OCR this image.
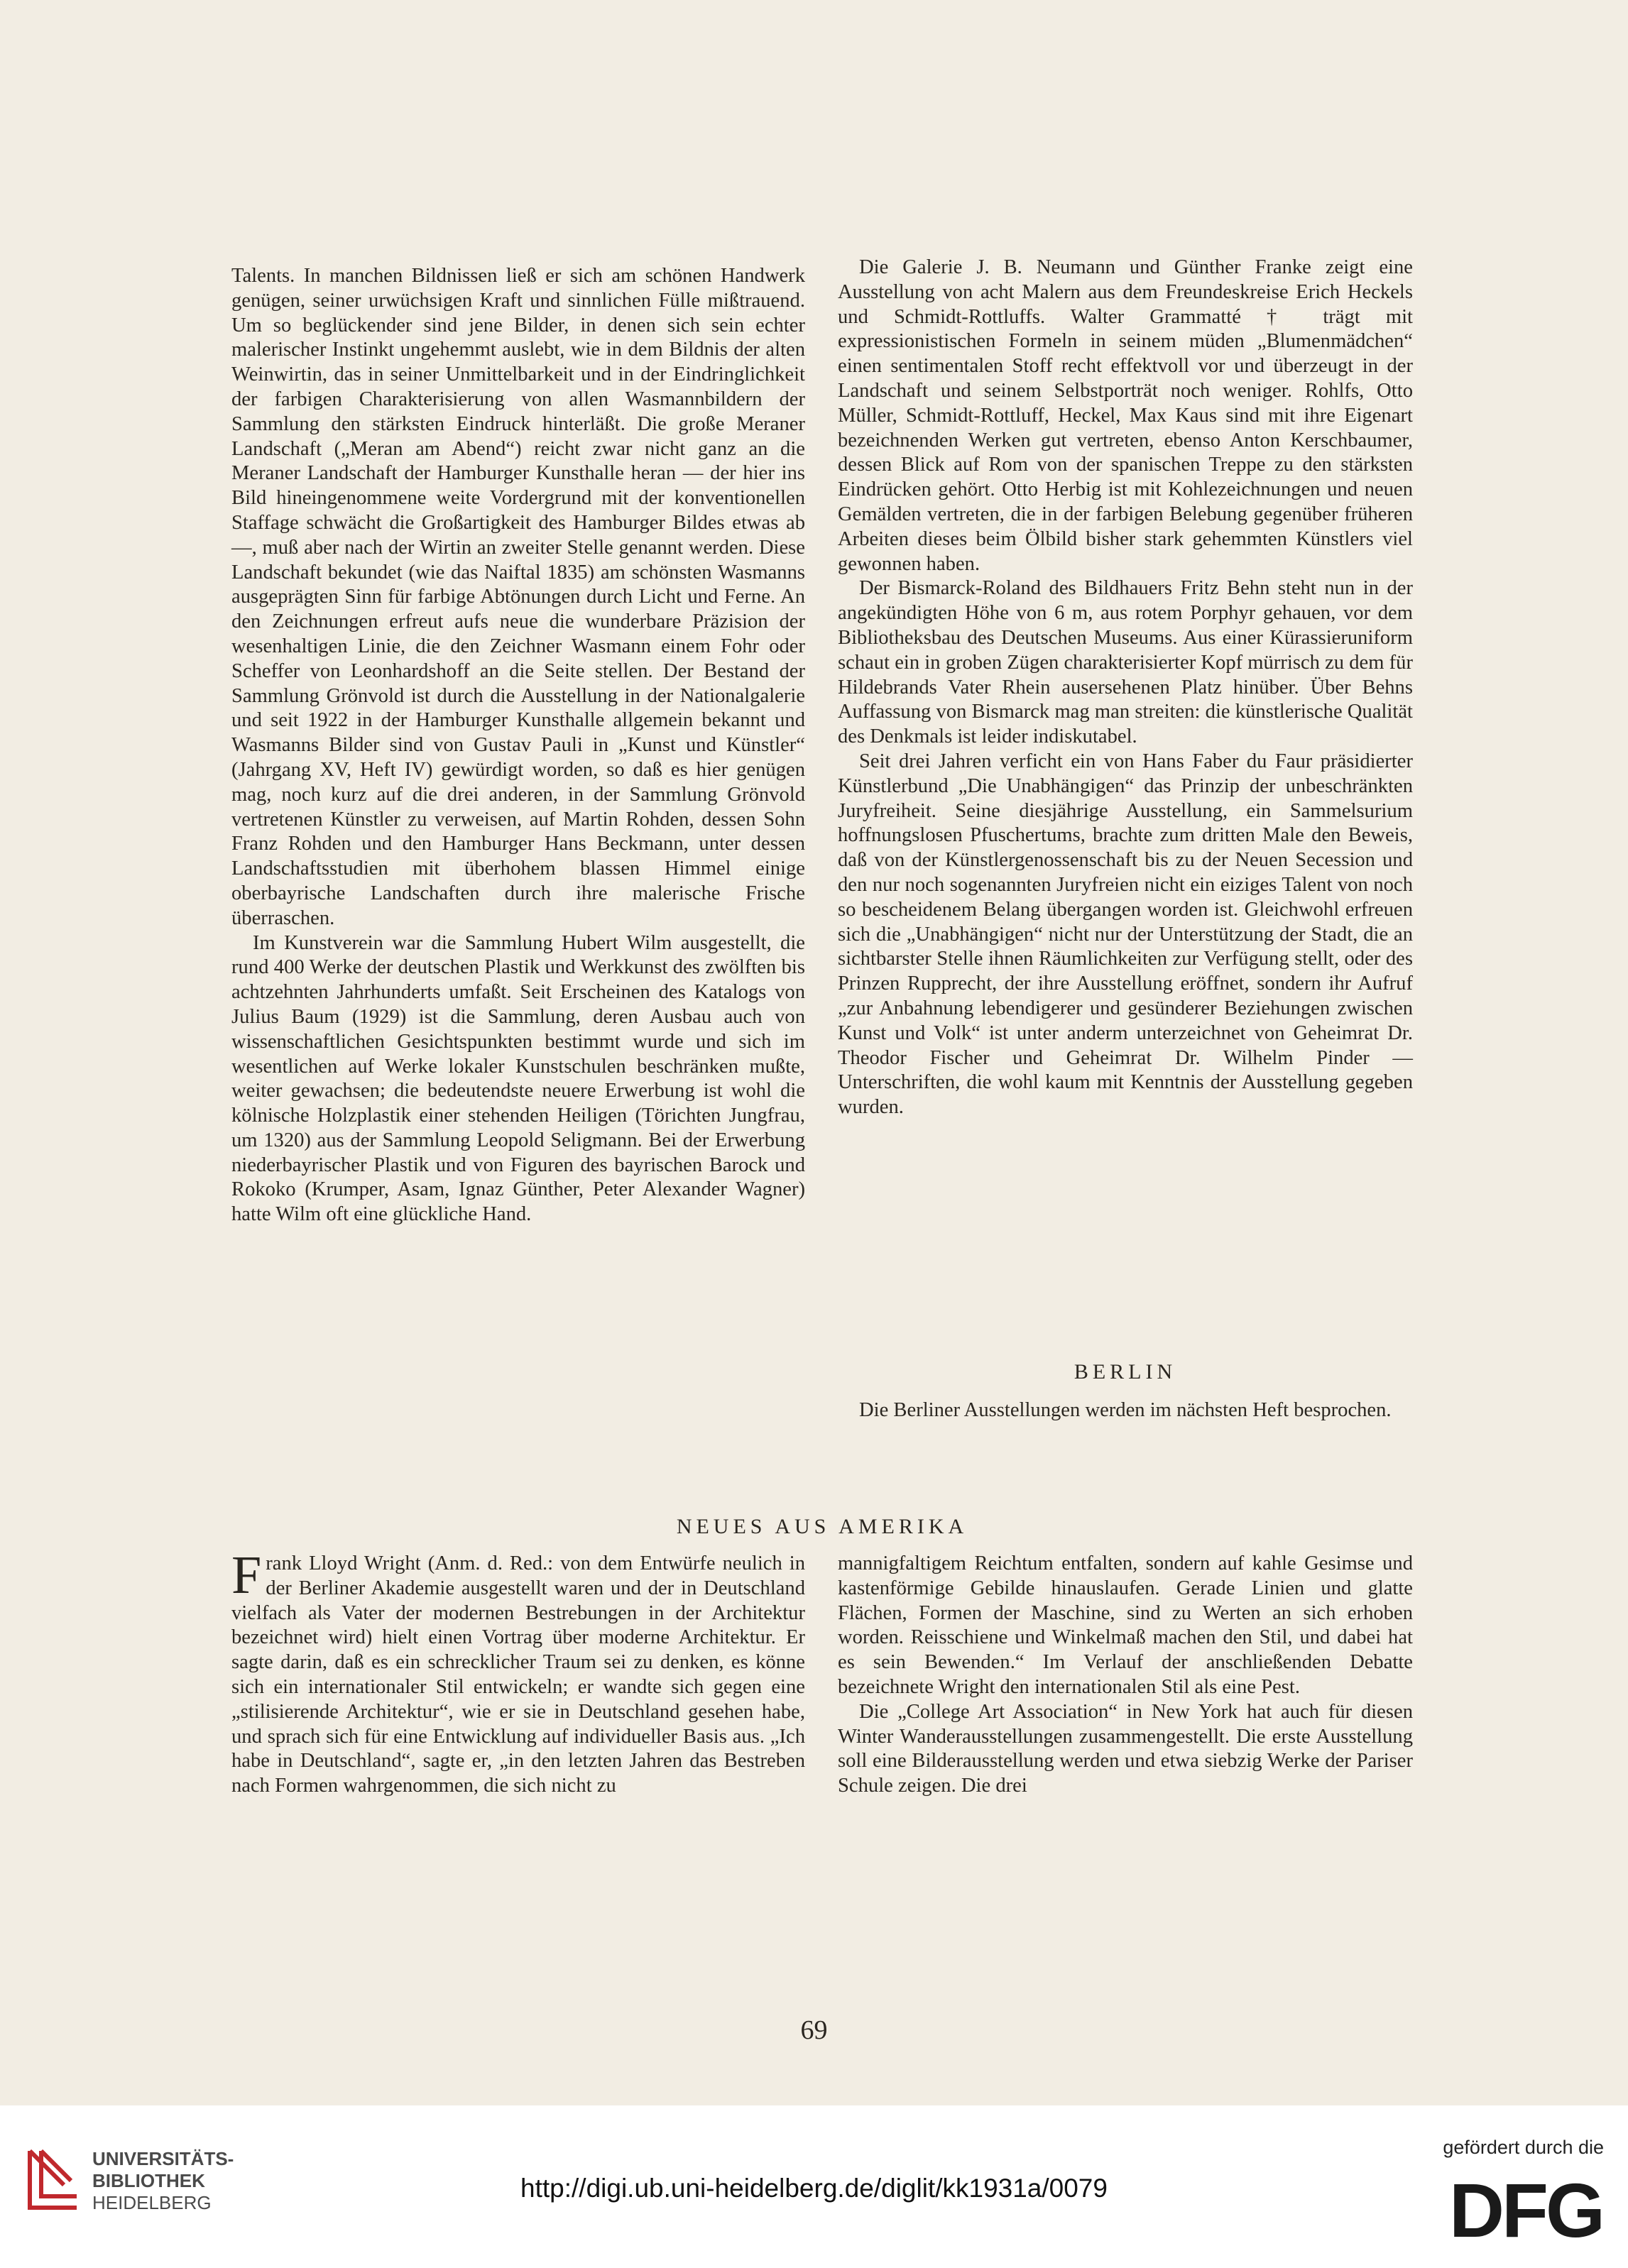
Talents. In manchen Bildnissen ließ er sich am schönen Handwerk genügen, seiner urwüchsigen Kraft und sinnlichen Fülle mißtrauend. Um so beglückender sind jene Bilder, in denen sich sein echter malerischer Instinkt ungehemmt auslebt, wie in dem Bildnis der alten Weinwirtin, das in seiner Unmittelbarkeit und in der Eindringlichkeit der farbigen Charakterisierung von allen Wasmannbildern der Sammlung den stärksten Eindruck hinterläßt. Die große Meraner Landschaft („Meran am Abend“) reicht zwar nicht ganz an die Meraner Landschaft der Hamburger Kunsthalle heran — der hier ins Bild hineingenommene weite Vordergrund mit der konventionellen Staffage schwächt die Großartigkeit des Hamburger Bildes etwas ab —, muß aber nach der Wirtin an zweiter Stelle genannt werden. Diese Landschaft bekundet (wie das Naiftal 1835) am schönsten Wasmanns ausgeprägten Sinn für farbige Abtönungen durch Licht und Ferne. An den Zeichnungen erfreut aufs neue die wunderbare Präzision der wesenhaltigen Linie, die den Zeichner Wasmann einem Fohr oder Scheffer von Leonhardshoff an die Seite stellen. Der Bestand der Sammlung Grönvold ist durch die Ausstellung in der Nationalgalerie und seit 1922 in der Hamburger Kunsthalle allgemein bekannt und Wasmanns Bilder sind von Gustav Pauli in „Kunst und Künstler“ (Jahrgang XV, Heft IV) gewürdigt worden, so daß es hier genügen mag, noch kurz auf die drei anderen, in der Sammlung Grönvold vertretenen Künstler zu verweisen, auf Martin Rohden, dessen Sohn Franz Rohden und den Hamburger Hans Beckmann, unter dessen Landschaftsstudien mit überhohem blassen Himmel einige oberbayrische Landschaften durch ihre malerische Frische überraschen.

Im Kunstverein war die Sammlung Hubert Wilm ausgestellt, die rund 400 Werke der deutschen Plastik und Werkkunst des zwölften bis achtzehnten Jahrhunderts umfaßt. Seit Erscheinen des Katalogs von Julius Baum (1929) ist die Sammlung, deren Ausbau auch von wissenschaftlichen Gesichtspunkten bestimmt wurde und sich im wesentlichen auf Werke lokaler Kunstschulen beschränken mußte, weiter gewachsen; die bedeutendste neuere Erwerbung ist wohl die kölnische Holzplastik einer stehenden Heiligen (Törichten Jungfrau, um 1320) aus der Sammlung Leopold Seligmann. Bei der Erwerbung niederbayrischer Plastik und von Figuren des bayrischen Barock und Rokoko (Krumper, Asam, Ignaz Günther, Peter Alexander Wagner) hatte Wilm oft eine glückliche Hand.

Die Galerie J. B. Neumann und Günther Franke zeigt eine Ausstellung von acht Malern aus dem Freundeskreise Erich Heckels und Schmidt-Rottluffs. Walter Grammatté † trägt mit expressionistischen Formeln in seinem müden „Blumenmädchen“ einen sentimentalen Stoff recht effektvoll vor und überzeugt in der Landschaft und seinem Selbstporträt noch weniger. Rohlfs, Otto Müller, Schmidt-Rottluff, Heckel, Max Kaus sind mit ihre Eigenart bezeichnenden Werken gut vertreten, ebenso Anton Kerschbaumer, dessen Blick auf Rom von der spanischen Treppe zu den stärksten Eindrücken gehört. Otto Herbig ist mit Kohlezeichnungen und neuen Gemälden vertreten, die in der farbigen Belebung gegenüber früheren Arbeiten dieses beim Ölbild bisher stark gehemmten Künstlers viel gewonnen haben.

Der Bismarck-Roland des Bildhauers Fritz Behn steht nun in der angekündigten Höhe von 6 m, aus rotem Porphyr gehauen, vor dem Bibliotheksbau des Deutschen Museums. Aus einer Kürassieruniform schaut ein in groben Zügen charakterisierter Kopf mürrisch zu dem für Hildebrands Vater Rhein ausersehenen Platz hinüber. Über Behns Auffassung von Bismarck mag man streiten: die künstlerische Qualität des Denkmals ist leider indiskutabel.

Seit drei Jahren verficht ein von Hans Faber du Faur präsidierter Künstlerbund „Die Unabhängigen“ das Prinzip der unbeschränkten Juryfreiheit. Seine diesjährige Ausstellung, ein Sammelsurium hoffnungslosen Pfuschertums, brachte zum dritten Male den Beweis, daß von der Künstlergenossenschaft bis zu der Neuen Secession und den nur noch sogenannten Juryfreien nicht ein eiziges Talent von noch so bescheidenem Belang übergangen worden ist. Gleichwohl erfreuen sich die „Unabhängigen“ nicht nur der Unterstützung der Stadt, die an sichtbarster Stelle ihnen Räumlichkeiten zur Verfügung stellt, oder des Prinzen Rupprecht, der ihre Ausstellung eröffnet, sondern ihr Aufruf „zur Anbahnung lebendigerer und gesünderer Beziehungen zwischen Kunst und Volk“ ist unter anderm unterzeichnet von Geheimrat Dr. Theodor Fischer und Geheimrat Dr. Wilhelm Pinder — Unterschriften, die wohl kaum mit Kenntnis der Ausstellung gegeben wurden.

BERLIN

Die Berliner Ausstellungen werden im nächsten Heft besprochen.

NEUES AUS AMERIKA

Frank Lloyd Wright (Anm. d. Red.: von dem Entwürfe neulich in der Berliner Akademie ausgestellt waren und der in Deutschland vielfach als Vater der modernen Bestrebungen in der Architektur bezeichnet wird) hielt einen Vortrag über moderne Architektur. Er sagte darin, daß es ein schrecklicher Traum sei zu denken, es könne sich ein internationaler Stil entwickeln; er wandte sich gegen eine „stilisierende Architektur“, wie er sie in Deutschland gesehen habe, und sprach sich für eine Entwicklung auf individueller Basis aus. „Ich habe in Deutschland“, sagte er, „in den letzten Jahren das Bestreben nach Formen wahrgenommen, die sich nicht zu

mannigfaltigem Reichtum entfalten, sondern auf kahle Gesimse und kastenförmige Gebilde hinauslaufen. Gerade Linien und glatte Flächen, Formen der Maschine, sind zu Werten an sich erhoben worden. Reisschiene und Winkelmaß machen den Stil, und dabei hat es sein Bewenden.“ Im Verlauf der anschließenden Debatte bezeichnete Wright den internationalen Stil als eine Pest.

Die „College Art Association“ in New York hat auch für diesen Winter Wanderausstellungen zusammengestellt. Die erste Ausstellung soll eine Bilderausstellung werden und etwa siebzig Werke der Pariser Schule zeigen. Die drei

69
UNIVERSITÄTS-
BIBLIOTHEK
HEIDELBERG	http://digi.ub.uni-heidelberg.de/diglit/kk1931a/0079
gefördert durch die
DFG
